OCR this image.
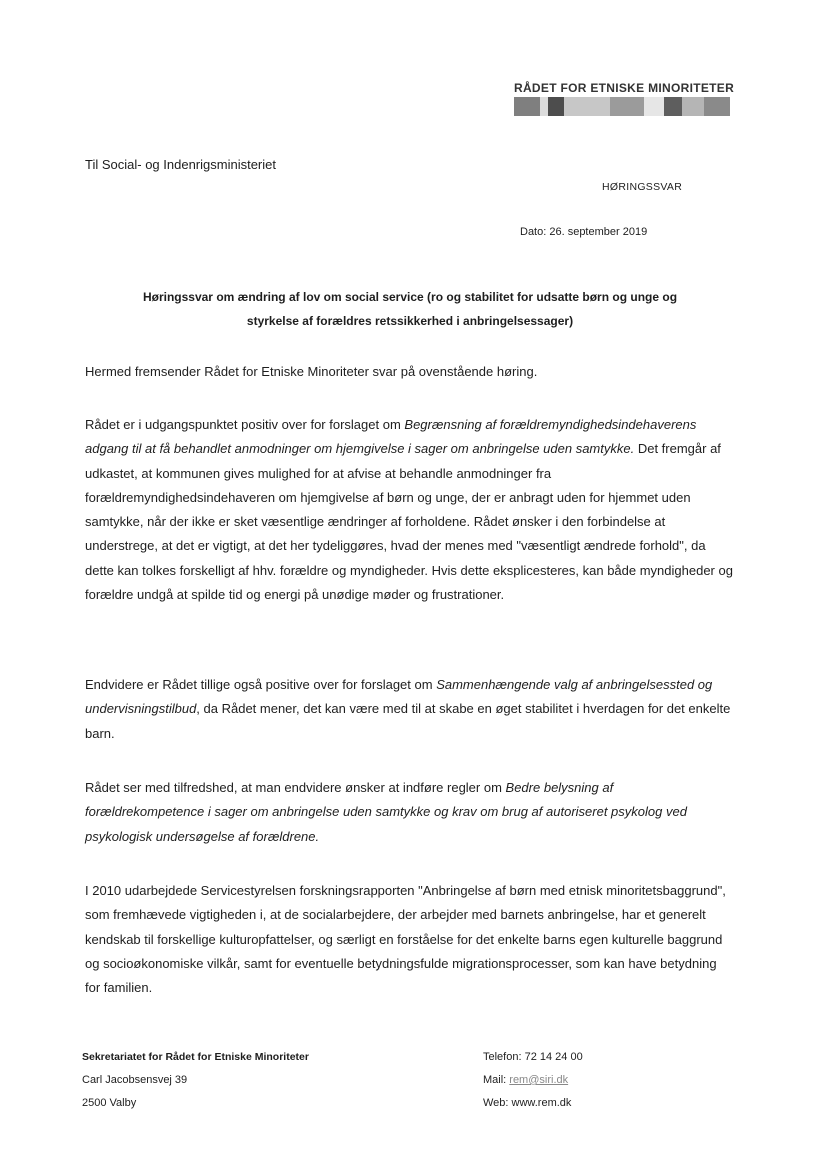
RÅDET FOR ETNISKE MINORITETER
Til Social- og Indenrigsministeriet
HØRINGSSVAR
Dato: 26. september 2019
Høringssvar om ændring af lov om social service (ro og stabilitet for udsatte børn og unge og
styrkelse af forældres retssikkerhed i anbringelsessager)

Hermed fremsender Rådet for Etniske Minoriteter svar på ovenstående høring.

Rådet er i udgangspunktet positiv over for forslaget om Begrænsning af forældremyndighedsindehaverens adgang til at få behandlet anmodninger om hjemgivelse i sager om anbringelse uden samtykke. Det fremgår af udkastet, at kommunen gives mulighed for at afvise at behandle anmodninger fra forældremyndighedsindehaveren om hjemgivelse af børn og unge, der er anbragt uden for hjemmet uden samtykke, når der ikke er sket væsentlige ændringer af forholdene. Rådet ønsker i den forbindelse at understrege, at det er vigtigt, at det her tydeliggøres, hvad der menes med "væsentligt ændrede forhold", da dette kan tolkes forskelligt af hhv. forældre og myndigheder. Hvis dette eksplicesteres, kan både myndigheder og forældre undgå at spilde tid og energi på unødige møder og frustrationer.

Endvidere er Rådet tillige også positive over for forslaget om Sammenhængende valg af anbringelsessted og undervisningstilbud, da Rådet mener, det kan være med til at skabe en øget stabilitet i hverdagen for det enkelte barn.

Rådet ser med tilfredshed, at man endvidere ønsker at indføre regler om Bedre belysning af forældrekompetence i sager om anbringelse uden samtykke og krav om brug af autoriseret psykolog ved psykologisk undersøgelse af forældrene.

I 2010 udarbejdede Servicestyrelsen forskningsrapporten "Anbringelse af børn med etnisk minoritetsbaggrund", som fremhævede vigtigheden i, at de socialarbejdere, der arbejder med barnets anbringelse, har et generelt kendskab til forskellige kulturopfattelser, og særligt en forståelse for det enkelte barns egen kulturelle baggrund og socioøkonomiske vilkår, samt for eventuelle betydningsfulde migrationsprocesser, som kan have betydning for familien.

Sekretariatet for Rådet for Etniske Minoriteter
Carl Jacobsensvej 39
2500 Valby
Telefon: 72 14 24 00
Mail: rem@siri.dk
Web: www.rem.dk
